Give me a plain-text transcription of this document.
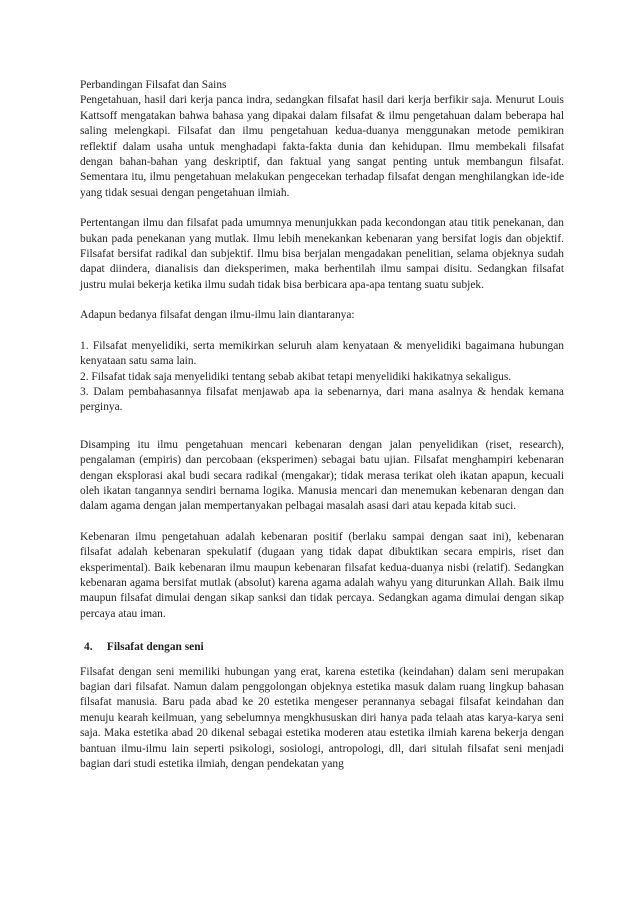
Perbandingan Filsafat dan Sains

Pengetahuan, hasil dari kerja panca indra, sedangkan filsafat hasil dari kerja berfikir saja. Menurut Louis Kattsoff mengatakan bahwa bahasa yang dipakai dalam filsafat & ilmu pengetahuan dalam beberapa hal saling melengkapi. Filsafat dan ilmu pengetahuan kedua-duanya menggunakan metode pemikiran reflektif dalam usaha untuk menghadapi fakta-fakta dunia dan kehidupan. Ilmu membekali filsafat dengan bahan-bahan yang deskriptif, dan faktual yang sangat penting untuk membangun filsafat. Sementara itu, ilmu pengetahuan melakukan pengecekan terhadap filsafat dengan menghilangkan ide-ide yang tidak sesuai dengan pengetahuan ilmiah.

Pertentangan ilmu dan filsafat pada umumnya menunjukkan pada kecondongan atau titik penekanan, dan bukan pada penekanan yang mutlak. Ilmu lebih menekankan kebenaran yang bersifat logis dan objektif. Filsafat bersifat radikal dan subjektif. Ilmu bisa berjalan mengadakan penelitian, selama objeknya sudah dapat diindera, dianalisis dan dieksperimen, maka berhentilah ilmu sampai disitu. Sedangkan filsafat justru mulai bekerja ketika ilmu sudah tidak bisa berbicara apa-apa tentang suatu subjek.

Adapun bedanya filsafat dengan ilmu-ilmu lain diantaranya:

1. Filsafat menyelidiki, serta memikirkan seluruh alam kenyataan & menyelidiki bagaimana hubungan kenyataan satu sama lain.

2. Filsafat tidak saja menyelidiki tentang sebab akibat tetapi menyelidiki hakikatnya sekaligus.

3. Dalam pembahasannya filsafat menjawab apa ia sebenarnya, dari mana asalnya & hendak kemana perginya.

Disamping itu ilmu pengetahuan mencari kebenaran dengan jalan penyelidikan (riset, research), pengalaman (empiris) dan percobaan (eksperimen) sebagai batu ujian. Filsafat menghampiri kebenaran dengan eksplorasi akal budi secara radikal (mengakar); tidak merasa terikat oleh ikatan apapun, kecuali oleh ikatan tangannya sendiri bernama logika. Manusia mencari dan menemukan kebenaran dengan dan dalam agama dengan jalan mempertanyakan pelbagai masalah asasi dari atau kepada kitab suci.

Kebenaran ilmu pengetahuan adalah kebenaran positif (berlaku sampai dengan saat ini), kebenaran filsafat adalah kebenaran spekulatif (dugaan yang tidak dapat dibuktikan secara empiris, riset dan eksperimental). Baik kebenaran ilmu maupun kebenaran filsafat kedua-duanya nisbi (relatif). Sedangkan kebenaran agama bersifat mutlak (absolut) karena agama adalah wahyu yang diturunkan Allah. Baik ilmu maupun filsafat dimulai dengan sikap sanksi dan tidak percaya. Sedangkan agama dimulai dengan sikap percaya atau iman.

4. Filsafat dengan seni

Filsafat dengan seni memiliki hubungan yang erat, karena estetika (keindahan) dalam seni merupakan bagian dari filsafat. Namun dalam penggolongan objeknya estetika masuk dalam ruang lingkup bahasan filsafat manusia. Baru pada abad ke 20 estetika mengeser perannanya sebagai filsafat keindahan dan menuju kearah keilmuan, yang sebelumnya mengkhususkan diri hanya pada telaah atas karya-karya seni saja. Maka estetika abad 20 dikenal sebagai estetika moderen atau estetika ilmiah karena bekerja dengan bantuan ilmu-ilmu lain seperti psikologi, sosiologi, antropologi, dll, dari situlah filsafat seni menjadi bagian dari studi estetika ilmiah, dengan pendekatan yang
